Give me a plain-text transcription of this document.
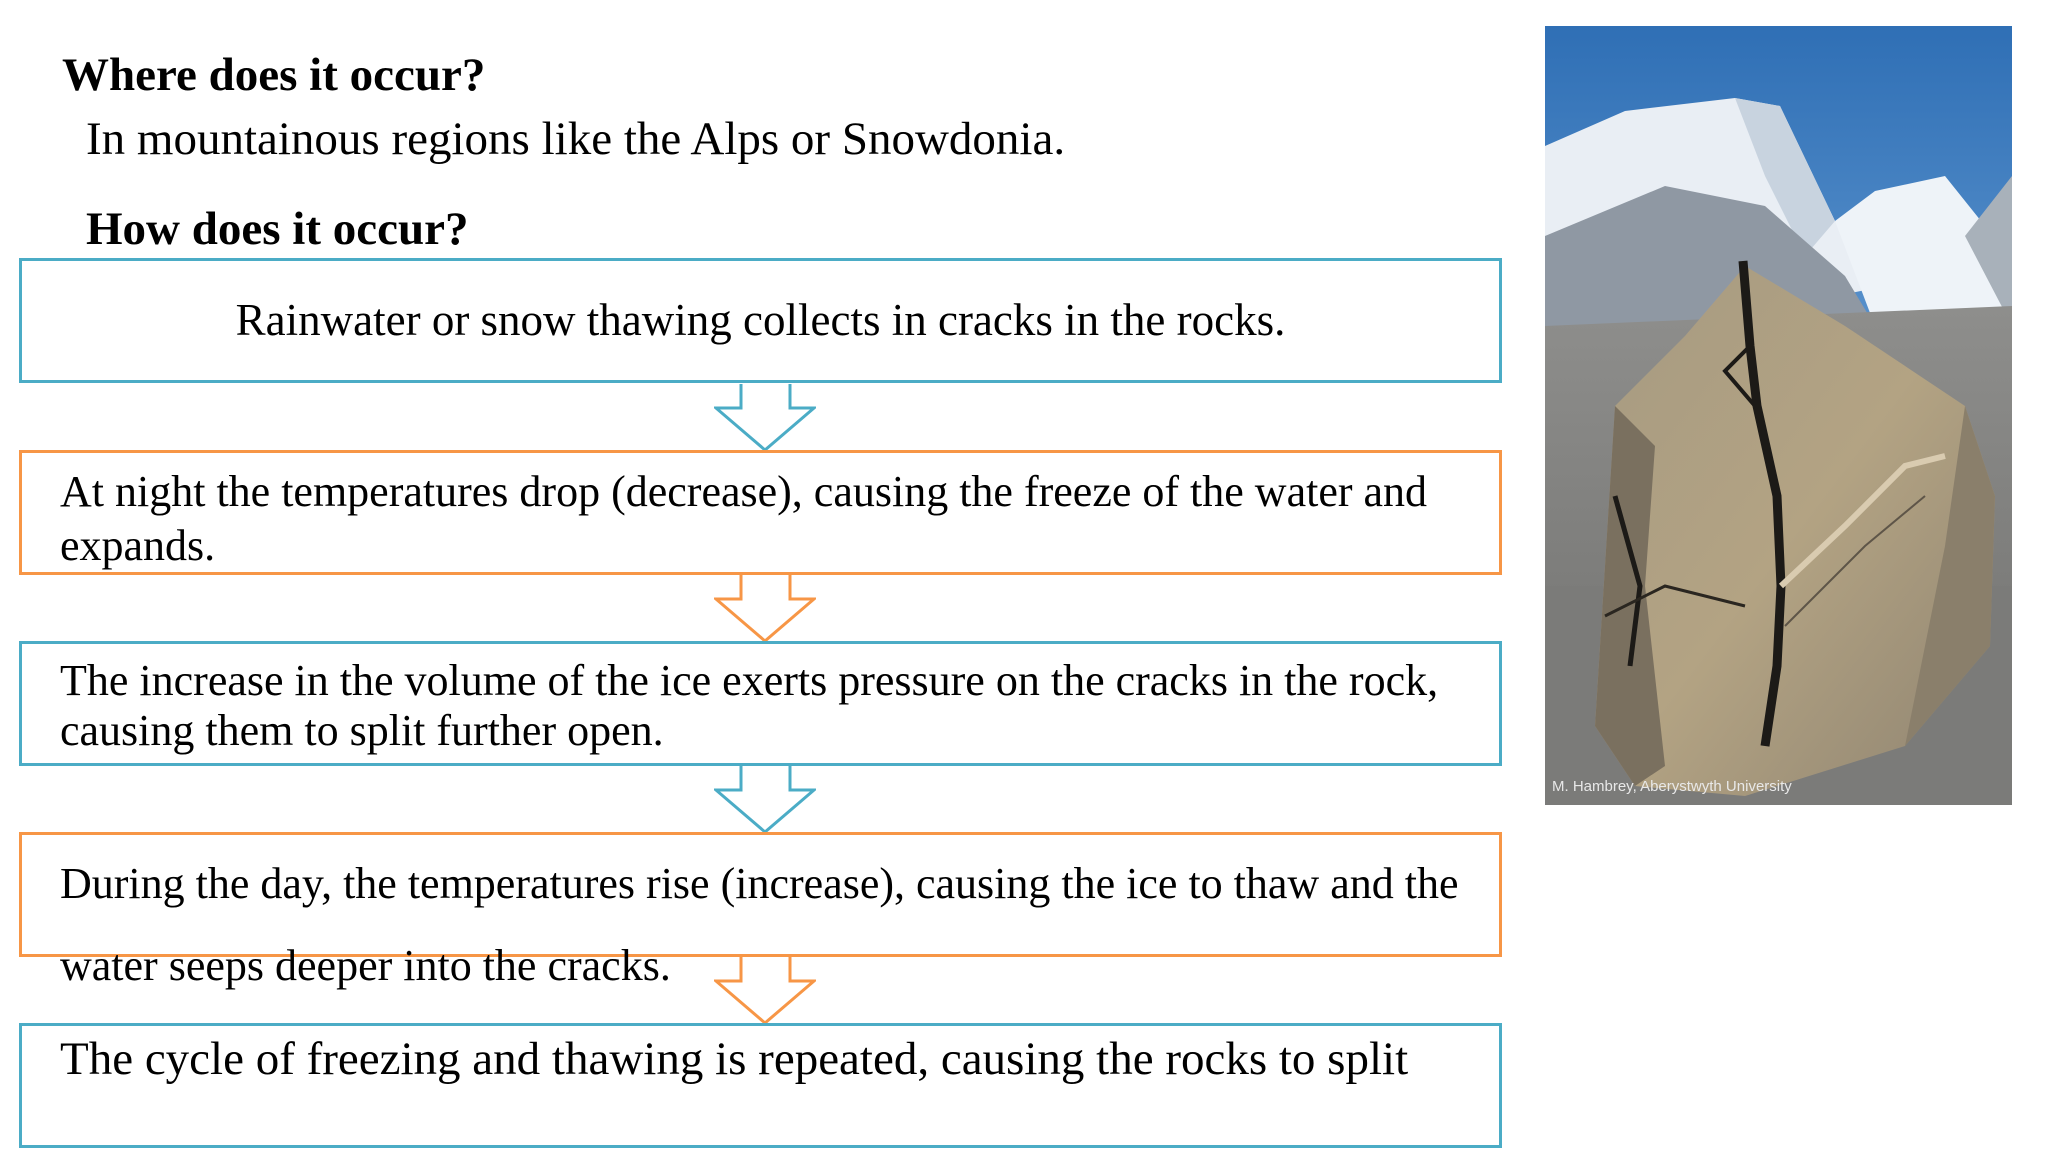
Where does it occur?
In mountainous regions like the Alps or Snowdonia.
How does it occur?
Rainwater or snow thawing collects in cracks in the rocks.
At night the temperatures drop (decrease), causing the freeze of the water and expands.
The increase in the volume of the ice exerts pressure on the cracks in the rock, causing them to split further open.
During the day, the temperatures rise (increase), causing the ice to thaw and the water seeps deeper into the cracks.
The cycle of freezing and thawing is repeated, causing the rocks to split
M. Hambrey, Aberystwyth University
